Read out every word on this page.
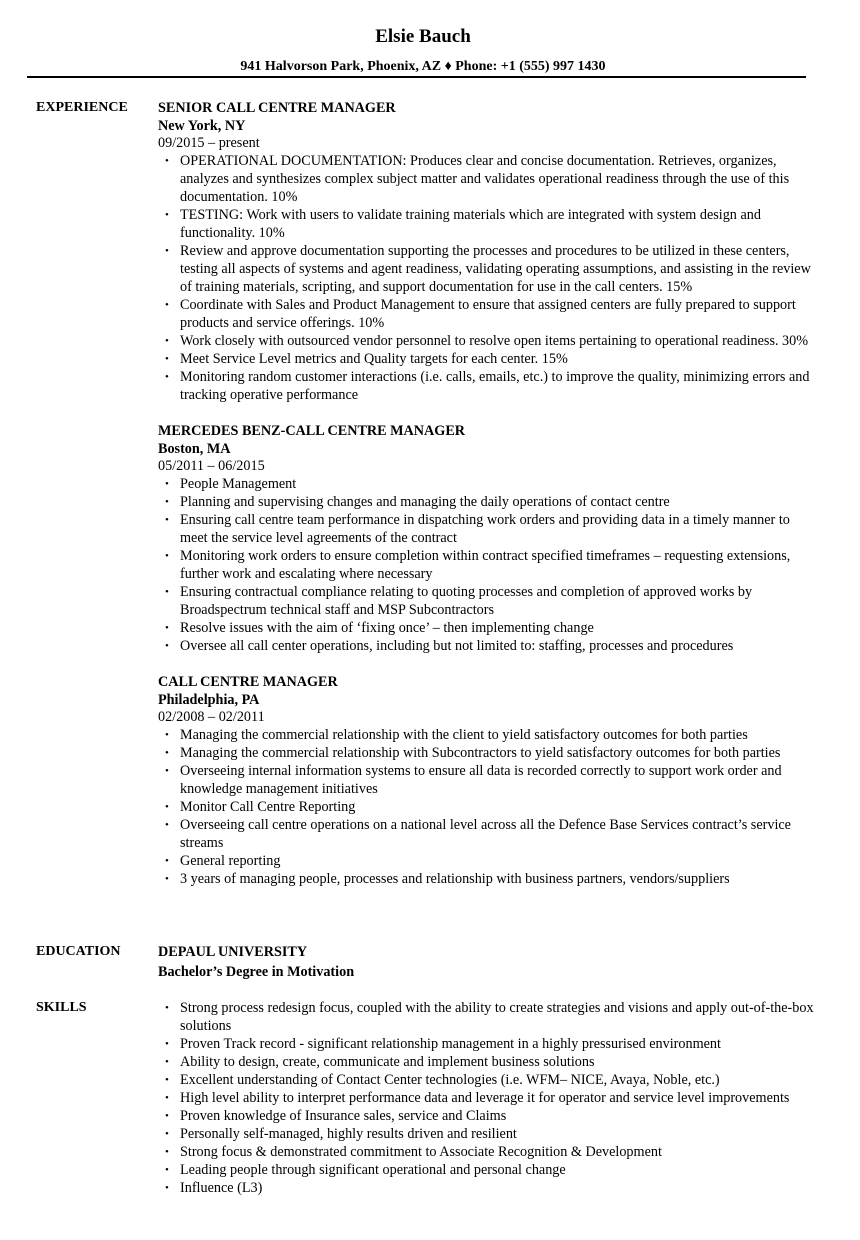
Elsie Bauch
941 Halvorson Park, Phoenix, AZ ♦ Phone: +1 (555) 997 1430
EXPERIENCE SENIOR CALL CENTRE MANAGER
New York, NY
09/2015 – present
• OPERATIONAL DOCUMENTATION: Produces clear and concise documentation. Retrieves, organizes, analyzes and synthesizes complex subject matter and validates operational readiness through the use of this documentation. 10%
• TESTING: Work with users to validate training materials which are integrated with system design and functionality. 10%
• Review and approve documentation supporting the processes and procedures to be utilized in these centers, testing all aspects of systems and agent readiness, validating operating assumptions, and assisting in the review of training materials, scripting, and support documentation for use in the call centers. 15%
• Coordinate with Sales and Product Management to ensure that assigned centers are fully prepared to support products and service offerings. 10%
• Work closely with outsourced vendor personnel to resolve open items pertaining to operational readiness. 30%
• Meet Service Level metrics and Quality targets for each center. 15%
• Monitoring random customer interactions (i.e. calls, emails, etc.) to improve the quality, minimizing errors and tracking operative performance
MERCEDES BENZ-CALL CENTRE MANAGER
Boston, MA
05/2011 – 06/2015
• People Management
• Planning and supervising changes and managing the daily operations of contact centre
• Ensuring call centre team performance in dispatching work orders and providing data in a timely manner to meet the service level agreements of the contract
• Monitoring work orders to ensure completion within contract specified timeframes – requesting extensions, further work and escalating where necessary
• Ensuring contractual compliance relating to quoting processes and completion of approved works by Broadspectrum technical staff and MSP Subcontractors
• Resolve issues with the aim of ‘fixing once’ – then implementing change
• Oversee all call center operations, including but not limited to: staffing, processes and procedures
CALL CENTRE MANAGER
Philadelphia, PA
02/2008 – 02/2011
• Managing the commercial relationship with the client to yield satisfactory outcomes for both parties
• Managing the commercial relationship with Subcontractors to yield satisfactory outcomes for both parties
• Overseeing internal information systems to ensure all data is recorded correctly to support work order and knowledge management initiatives
• Monitor Call Centre Reporting
• Overseeing call centre operations on a national level across all the Defence Base Services contract’s service streams
• General reporting
• 3 years of managing people, processes and relationship with business partners, vendors/suppliers
EDUCATION	DEPAUL UNIVERSITY
Bachelor’s Degree in Motivation
SKILLS	• Strong process redesign focus, coupled with the ability to create strategies and visions and apply out-of-the-box solutions
• Proven Track record - significant relationship management in a highly pressurised environment
• Ability to design, create, communicate and implement business solutions
• Excellent understanding of Contact Center technologies (i.e. WFM– NICE, Avaya, Noble, etc.)
• High level ability to interpret performance data and leverage it for operator and service level improvements
• Proven knowledge of Insurance sales, service and Claims
• Personally self-managed, highly results driven and resilient
• Strong focus & demonstrated commitment to Associate Recognition & Development
• Leading people through significant operational and personal change
• Influence (L3)
